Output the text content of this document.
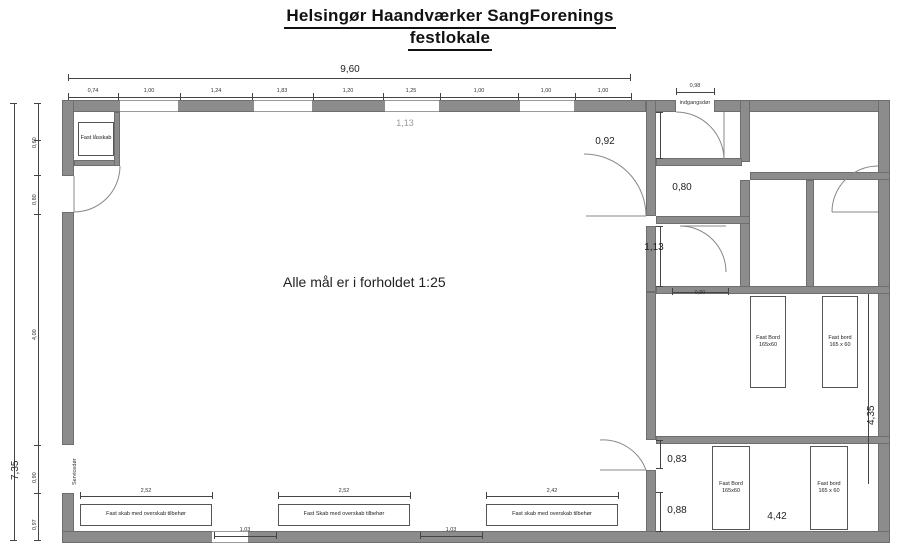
Helsingør Haandværker SangForenings
festlokale
9,60
0,74	1,00	1,24	1,83	1,20	1,25	1,00	1,00	1,00
1,13
0,98
indgangsdør
7,35
0,60
0,80
4,00
0,90
0,97
Servicedør
0,92
0,80
1,13
0,80
0,83
0,88
4,42
4,35
Alle mål er i forholdet 1:25
Fast låsskab
Fast Bord
165x60
Fast bord
165 x 60
Fast Bord
165x60
Fast bord
165 x 60
Fast skab med overskab tilbehør	Fast Skab med overskab tilbehør	Fast skab med overskab tilbehør
2,52	2,52	2,42
1,03	1,03
